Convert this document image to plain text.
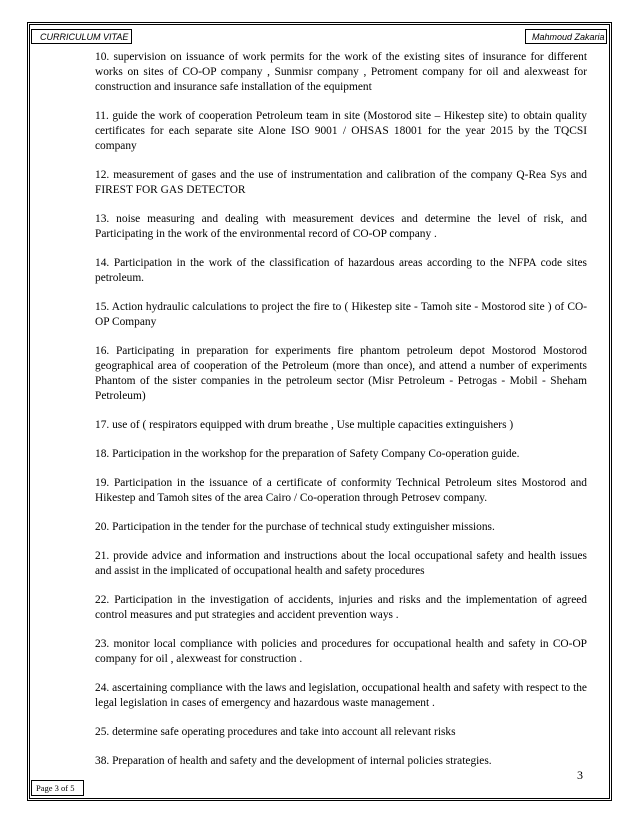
CURRICULUM VITAE	Mahmoud Zakaria

10. supervision on issuance of work permits for the work of the existing sites of insurance for different works on sites of CO-OP company , Sunmisr company , Petroment company for oil and alexweast for construction and insurance safe installation of the equipment

11. guide the work of cooperation Petroleum team in site (Mostorod site – Hikestep site) to obtain quality certificates for each separate site Alone ISO 9001 / OHSAS 18001 for the year 2015 by the TQCSI company

12. measurement of gases and the use of instrumentation and calibration of the company Q-Rea Sys and FIREST FOR GAS DETECTOR

13. noise measuring and dealing with measurement devices and determine the level of risk, and Participating in the work of the environmental record of CO-OP company .

14. Participation in the work of the classification of hazardous areas according to the NFPA code sites petroleum.

15. Action hydraulic calculations to project the fire to ( Hikestep site - Tamoh site - Mostorod site ) of CO-OP Company

16. Participating in preparation for experiments fire phantom petroleum depot Mostorod Mostorod geographical area of cooperation of the Petroleum (more than once), and attend a number of experiments Phantom of the sister companies in the petroleum sector (Misr Petroleum - Petrogas - Mobil - Sheham Petroleum)

17. use of ( respirators equipped with drum breathe , Use multiple capacities extinguishers )

18. Participation in the workshop for the preparation of Safety Company Co-operation guide.

19. Participation in the issuance of a certificate of conformity Technical Petroleum sites Mostorod and Hikestep and Tamoh sites of the area Cairo / Co-operation through Petrosev company.

20. Participation in the tender for the purchase of technical study extinguisher missions.

21. provide advice and information and instructions about the local occupational safety and health issues and assist in the implicated of occupational health and safety procedures

22. Participation in the investigation of accidents, injuries and risks and the implementation of agreed control measures and put strategies and accident prevention ways .

23. monitor local compliance with policies and procedures for occupational health and safety in CO-OP company for oil , alexweast for construction .

24. ascertaining compliance with the laws and legislation, occupational health and safety with respect to the legal legislation in cases of emergency and hazardous waste management .

25. determine safe operating procedures and take into account all relevant risks

38. Preparation of health and safety and the development of internal policies strategies.

Page 3 of 5
3
